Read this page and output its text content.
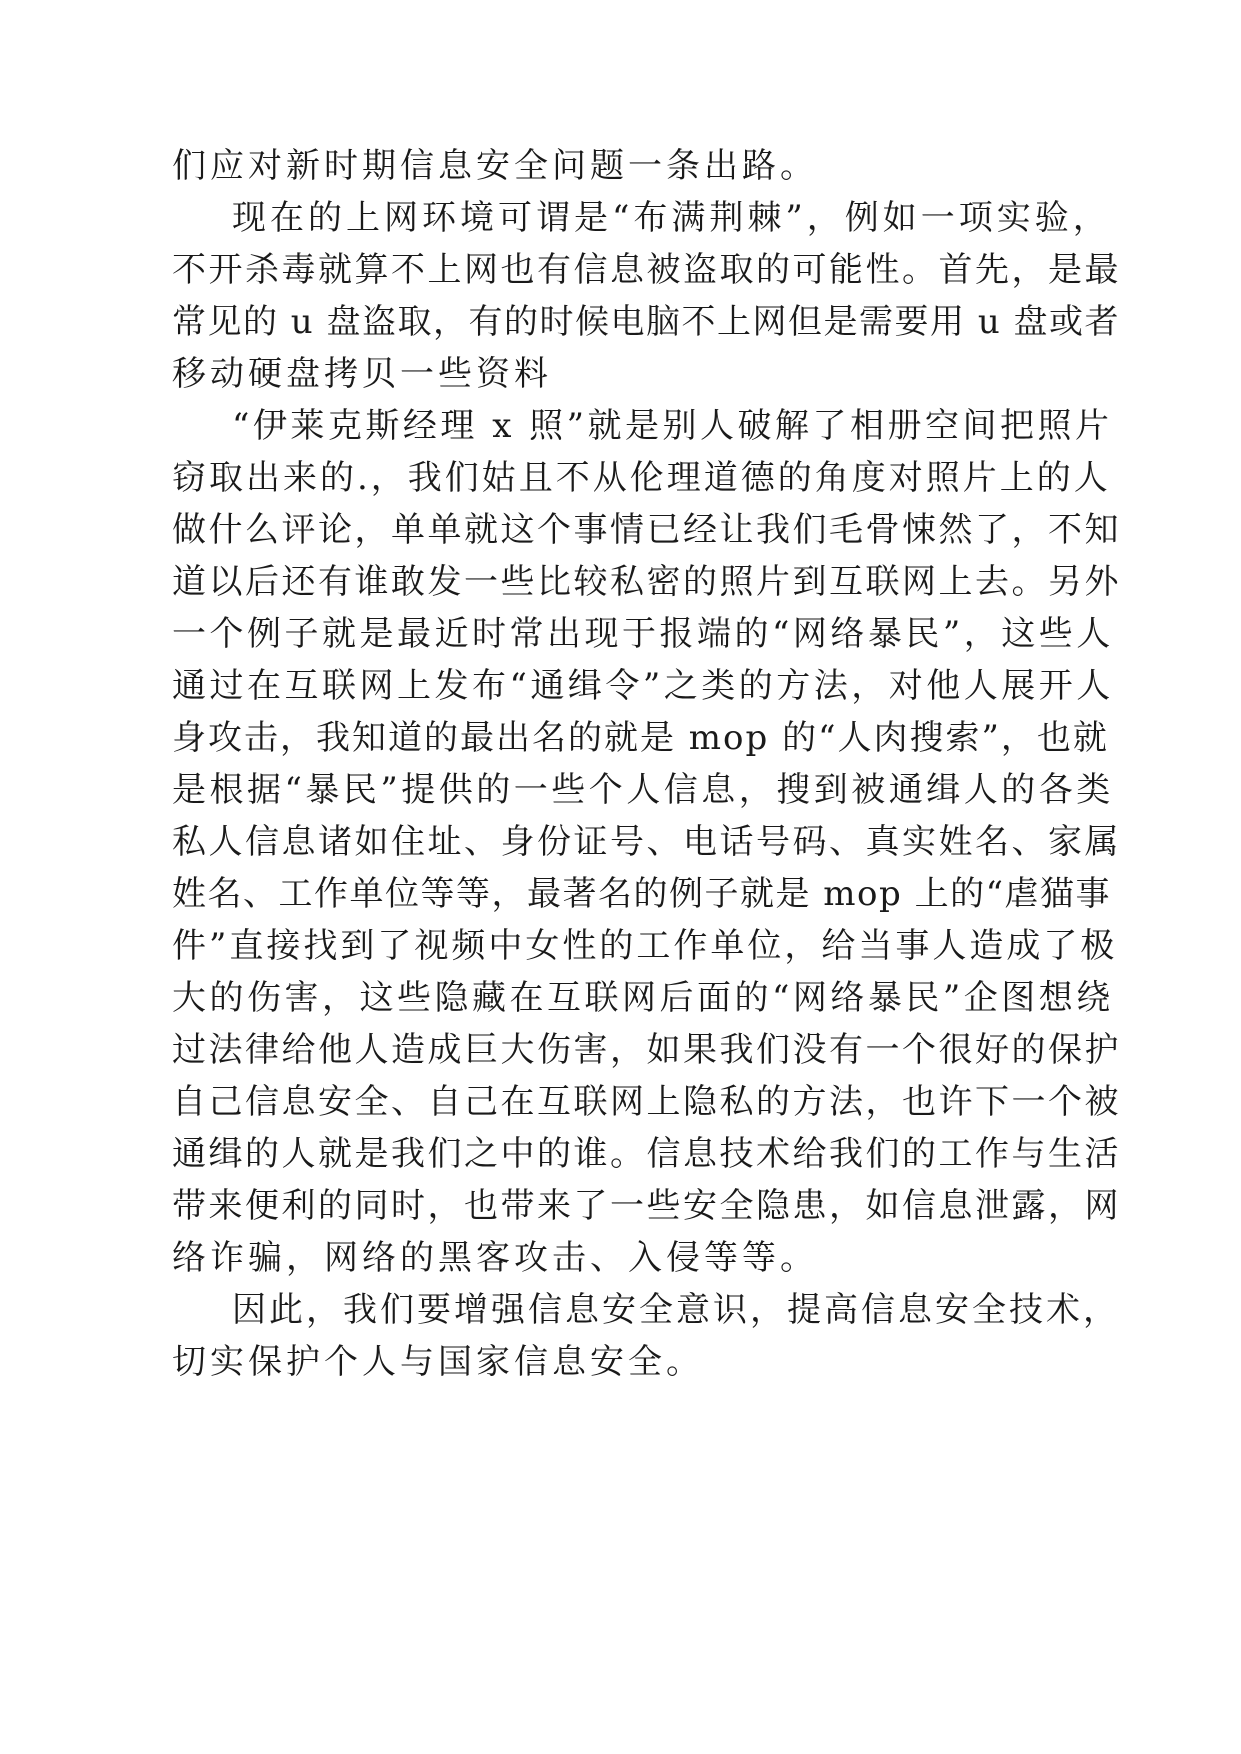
们应对新时期信息安全问题一条出路。
现在的上网环境可谓是“布满荆棘”，例如一项实验，
不开杀毒就算不上网也有信息被盗取的可能性。首先，是最
常见的 u 盘盗取，有的时候电脑不上网但是需要用 u 盘或者
移动硬盘拷贝一些资料
“伊莱克斯经理 x 照”就是别人破解了相册空间把照片
窃取出来的.，我们姑且不从伦理道德的角度对照片上的人
做什么评论，单单就这个事情已经让我们毛骨悚然了，不知
道以后还有谁敢发一些比较私密的照片到互联网上去。另外
一个例子就是最近时常出现于报端的“网络暴民”，这些人
通过在互联网上发布“通缉令”之类的方法，对他人展开人
身攻击，我知道的最出名的就是 mop 的“人肉搜索”，也就
是根据“暴民”提供的一些个人信息，搜到被通缉人的各类
私人信息诸如住址、身份证号、电话号码、真实姓名、家属
姓名、工作单位等等，最著名的例子就是 mop 上的“虐猫事
件”直接找到了视频中女性的工作单位，给当事人造成了极
大的伤害，这些隐藏在互联网后面的“网络暴民”企图想绕
过法律给他人造成巨大伤害，如果我们没有一个很好的保护
自己信息安全、自己在互联网上隐私的方法，也许下一个被
通缉的人就是我们之中的谁。信息技术给我们的工作与生活
带来便利的同时，也带来了一些安全隐患，如信息泄露，网
络诈骗，网络的黑客攻击、入侵等等。
因此，我们要增强信息安全意识，提高信息安全技术，
切实保护个人与国家信息安全。
